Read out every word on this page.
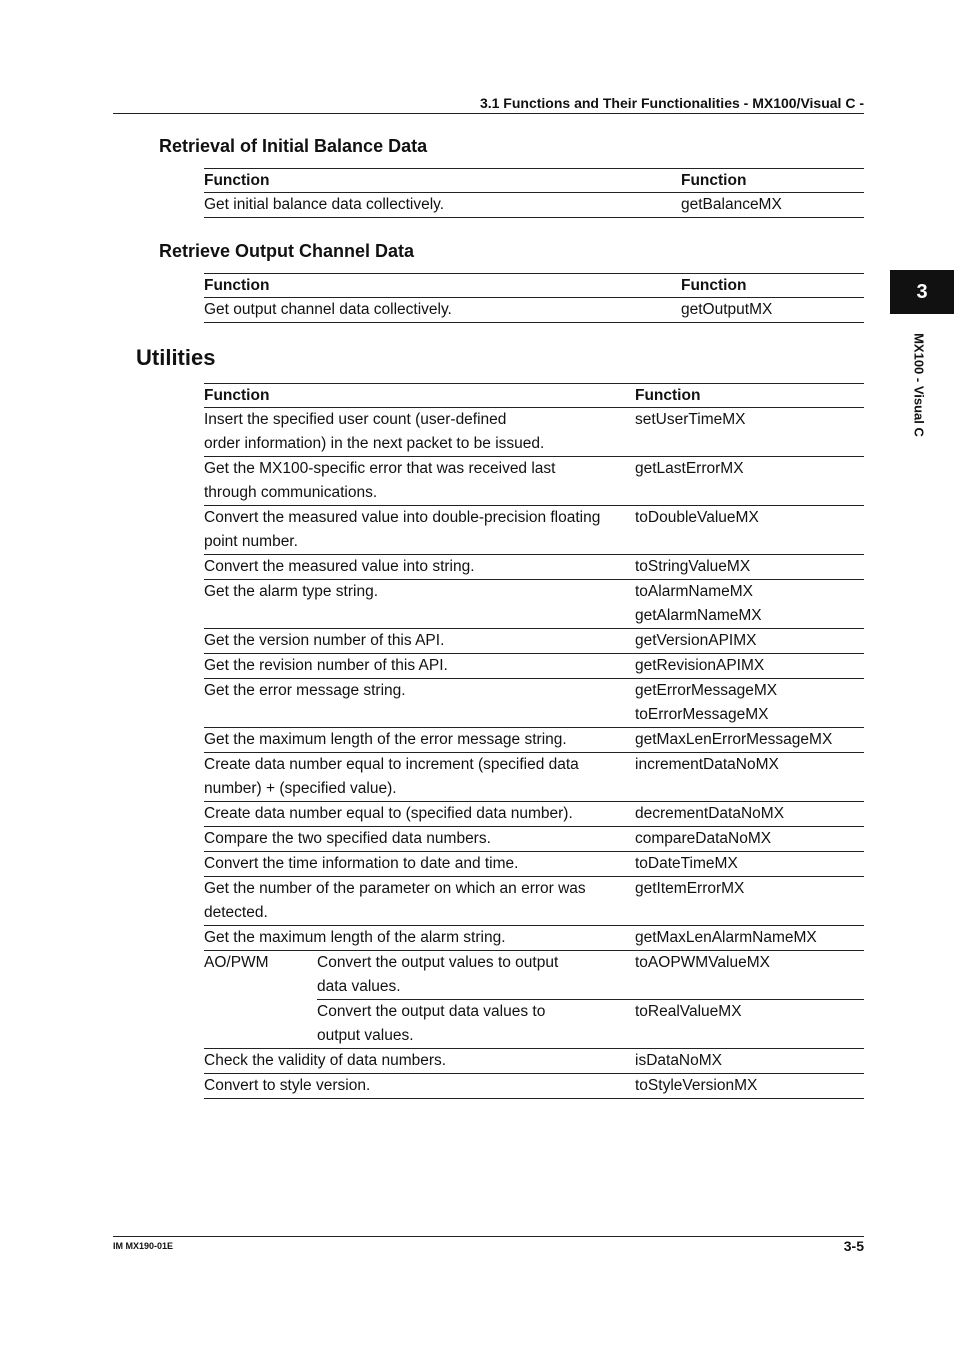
3.1 Functions and Their Functionalities - MX100/Visual C -
Retrieval of Initial Balance Data
Function	Function
Get initial balance data collectively.	getBalanceMX
Retrieve Output Channel Data
Function	Function
Get output channel data collectively.	getOutputMX
Utilities
Function		Function
Insert the specified user count (user-defined
order information) in the next packet to be issued.		setUserTimeMX
Get the MX100-specific error that was received last
through communications.		getLastErrorMX
Convert the measured value into double-precision floating
point number.		toDoubleValueMX
Convert the measured value into string.		toStringValueMX
Get the alarm type string.		toAlarmNameMX
getAlarmNameMX
Get the version number of this API.		getVersionAPIMX
Get the revision number of this API.		getRevisionAPIMX
Get the error message string.		getErrorMessageMX
toErrorMessageMX
Get the maximum length of the error message string.		getMaxLenErrorMessageMX
Create data number equal to increment (specified data
number) + (specified value).		incrementDataNoMX
Create data number equal to (specified data number).		decrementDataNoMX
Compare the two specified data numbers.		compareDataNoMX
Convert the time information to date and time.		toDateTimeMX
Get the number of the parameter on which an error was
detected.		getItemErrorMX
Get the maximum length of the alarm string.		getMaxLenAlarmNameMX
AO/PWM	Convert the output values to output
data values.	toAOPWMValueMX
	Convert the output data values to
output values.	toRealValueMX
Check the validity of data numbers.		isDataNoMX
Convert to style version.		toStyleVersionMX
3
MX100 - Visual C
IM MX190-01E	3-5
